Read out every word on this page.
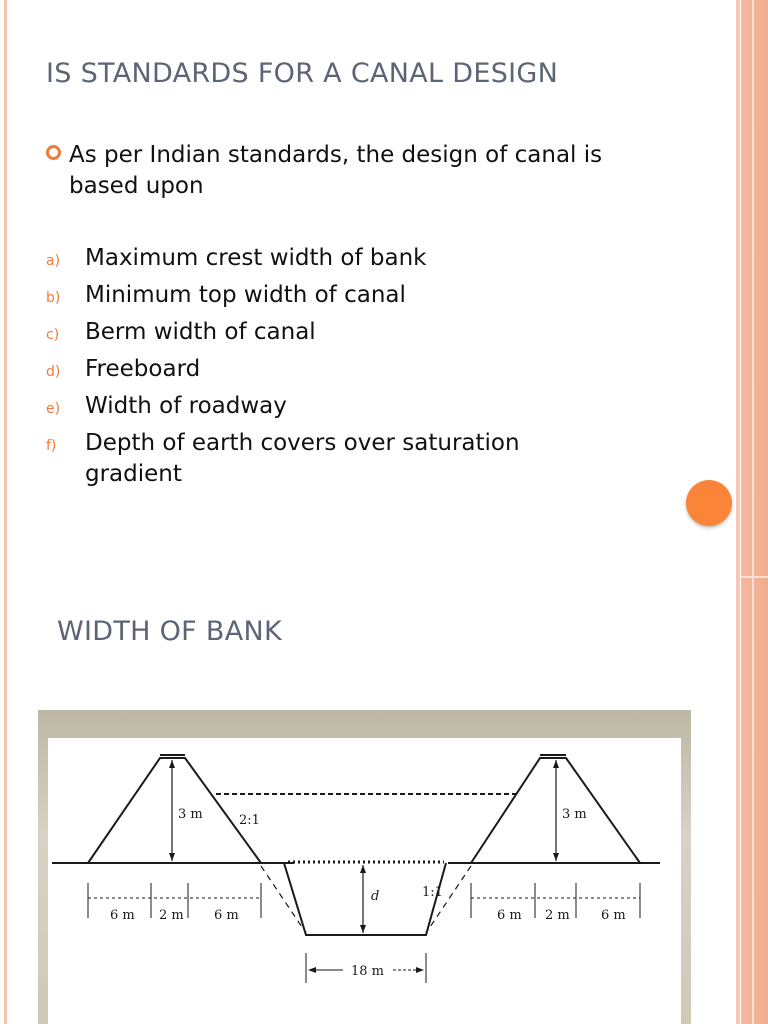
IS STANDARDS FOR A CANAL DESIGN
As per Indian standards, the design of canal is based upon
a) Maximum crest width of bank
b) Minimum top width of canal
c) Berm width of canal
d) Freeboard
e) Width of roadway
f) Depth of earth covers over saturation gradient
WIDTH OF BANK
3 m	2:1	3 m
1:1
d
18 m
6 m 2 m 6 m	6 m 2 m 6 m
